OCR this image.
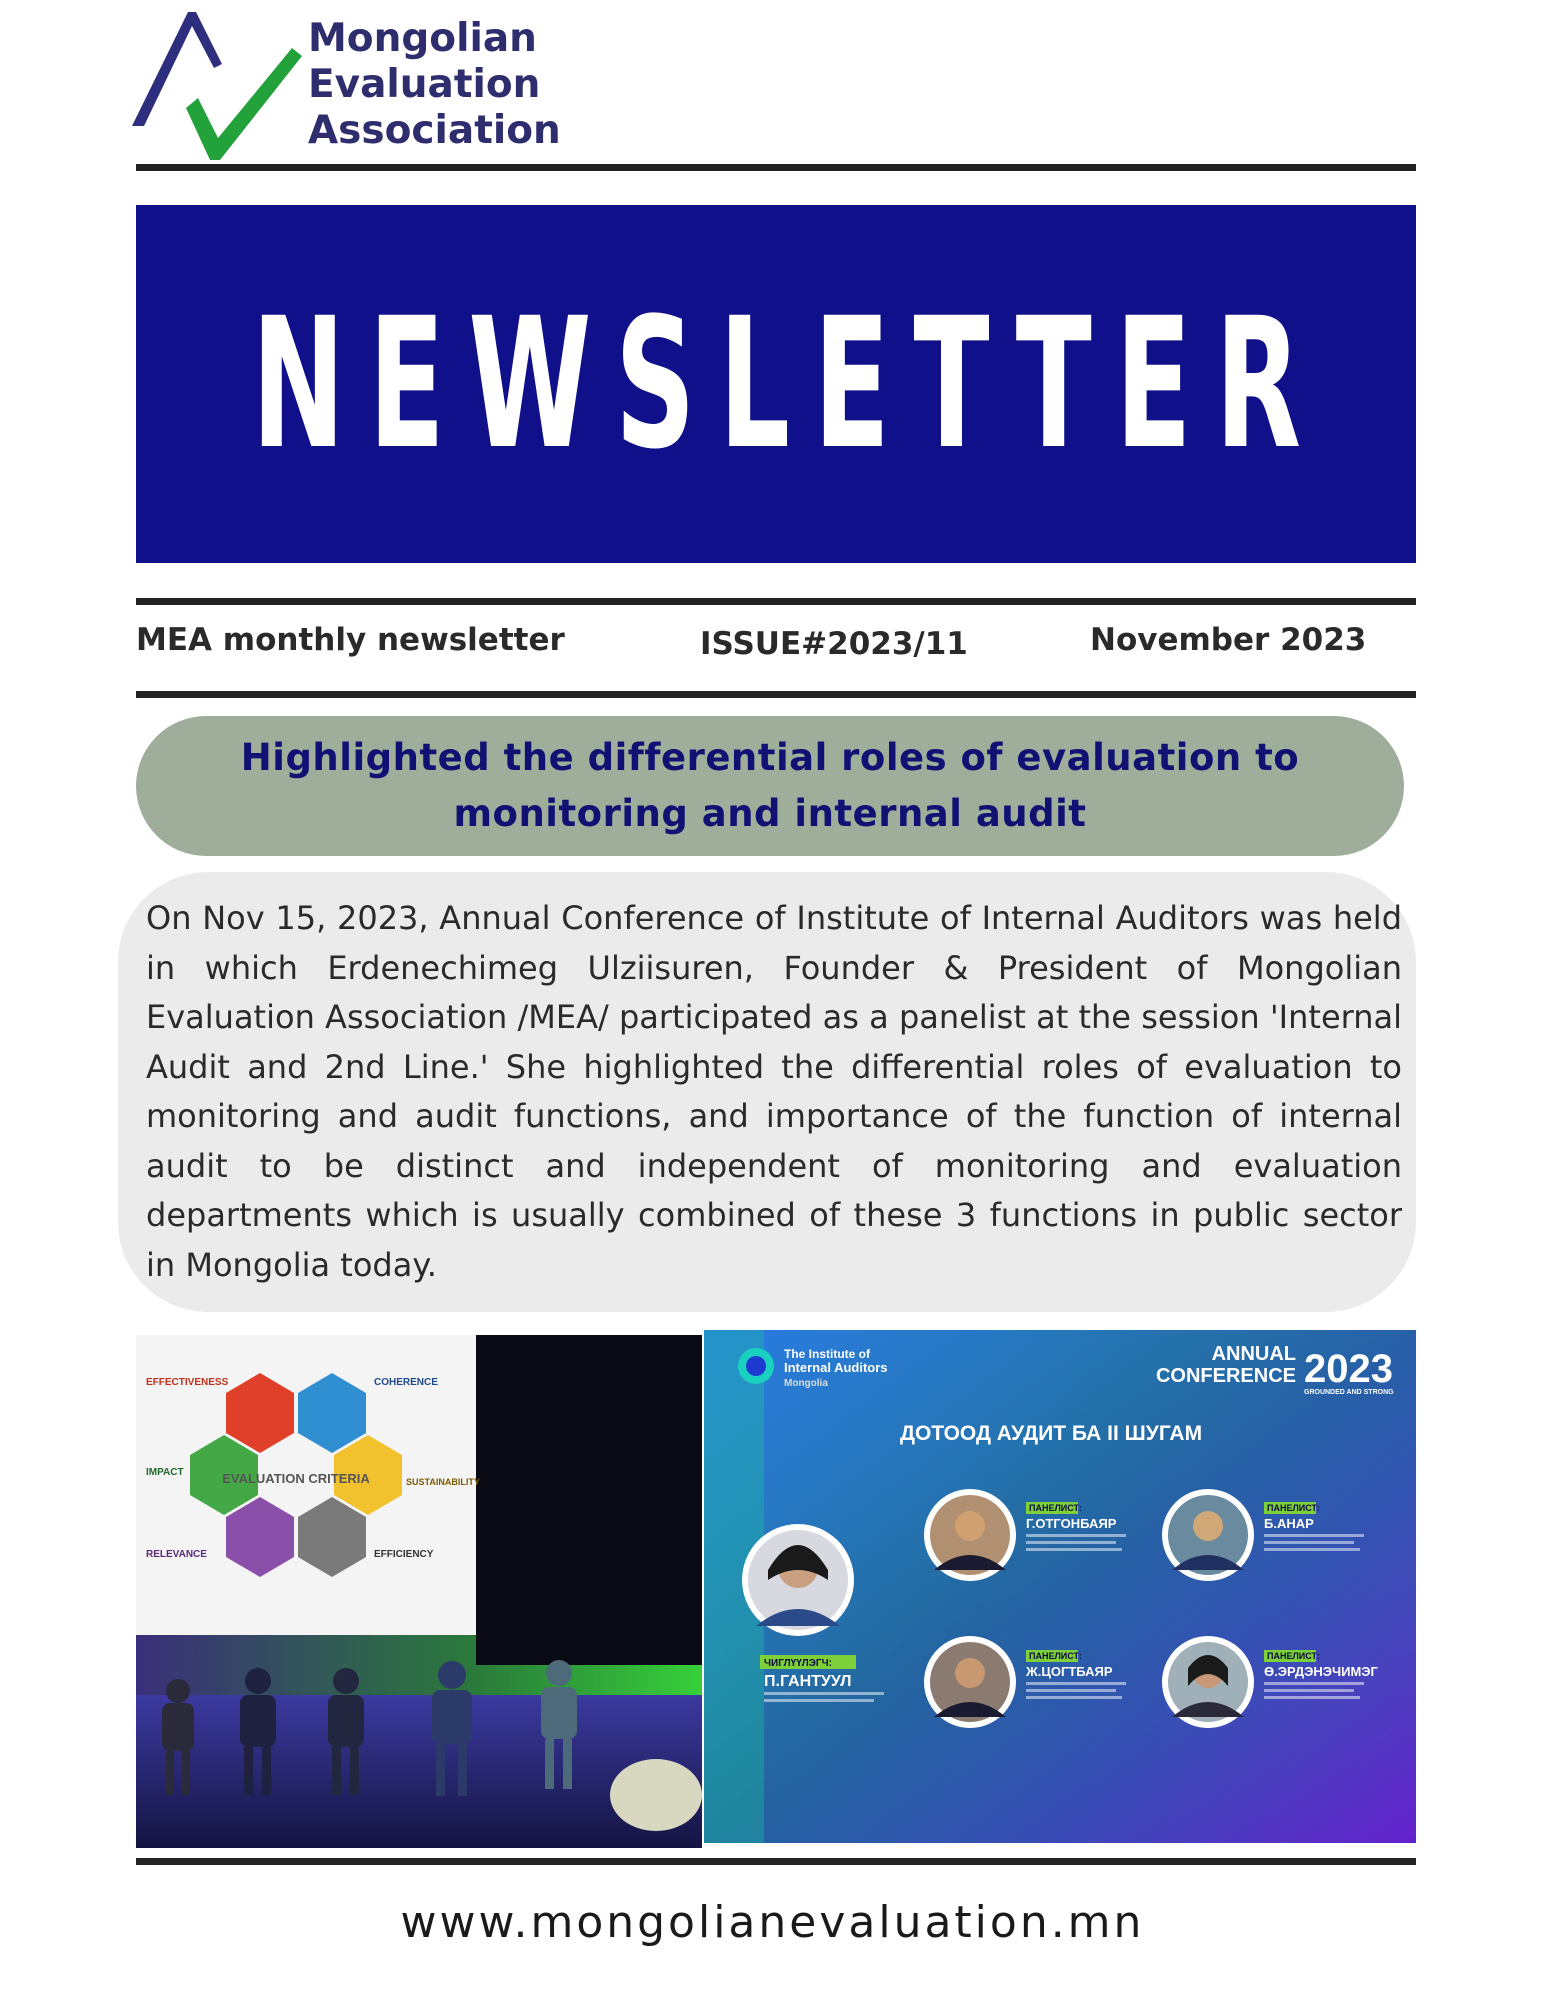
Mongolian
Evaluation
Association
NEWSLETTER
MEA monthly newsletter	ISSUE#2023/11	November 2023
Highlighted the differential roles of evaluation to monitoring and internal audit

On Nov 15, 2023, Annual Conference of Institute of Internal Auditors was held in which Erdenechimeg Ulziisuren, Founder & President of Mongolian Evaluation Association /MEA/ participated as a panelist at the session 'Internal Audit and 2nd Line.' She highlighted the differential roles of evaluation to monitoring and audit functions, and importance of the function of internal audit to be distinct and independent of monitoring and evaluation departments which is usually combined of these 3 functions in public sector in Mongolia today.

EVALUATION CRITERIA
EFFECTIVENESS	COHERENCE
IMPACT
SUSTAINABILITY
RELEVANCE	EFFICIENCY
The Institute of
Internal Auditors
Mongolia
ANNUAL
CONFERENCE 2023
GROUNDED AND STRONG
ДОТООД АУДИТ БА II ШУГАМ
ЧИГЛҮҮЛЭГЧ:
П.ГАНТУУЛ
ПАНЕЛИСТ:
Г.ОТГОНБАЯР
ПАНЕЛИСТ:
Б.АНАР
ПАНЕЛИСТ:
Ж.ЦОГТБАЯР
ПАНЕЛИСТ:
Ө.ЭРДЭНЭЧИМЭГ
www.mongolianevaluation.mn
